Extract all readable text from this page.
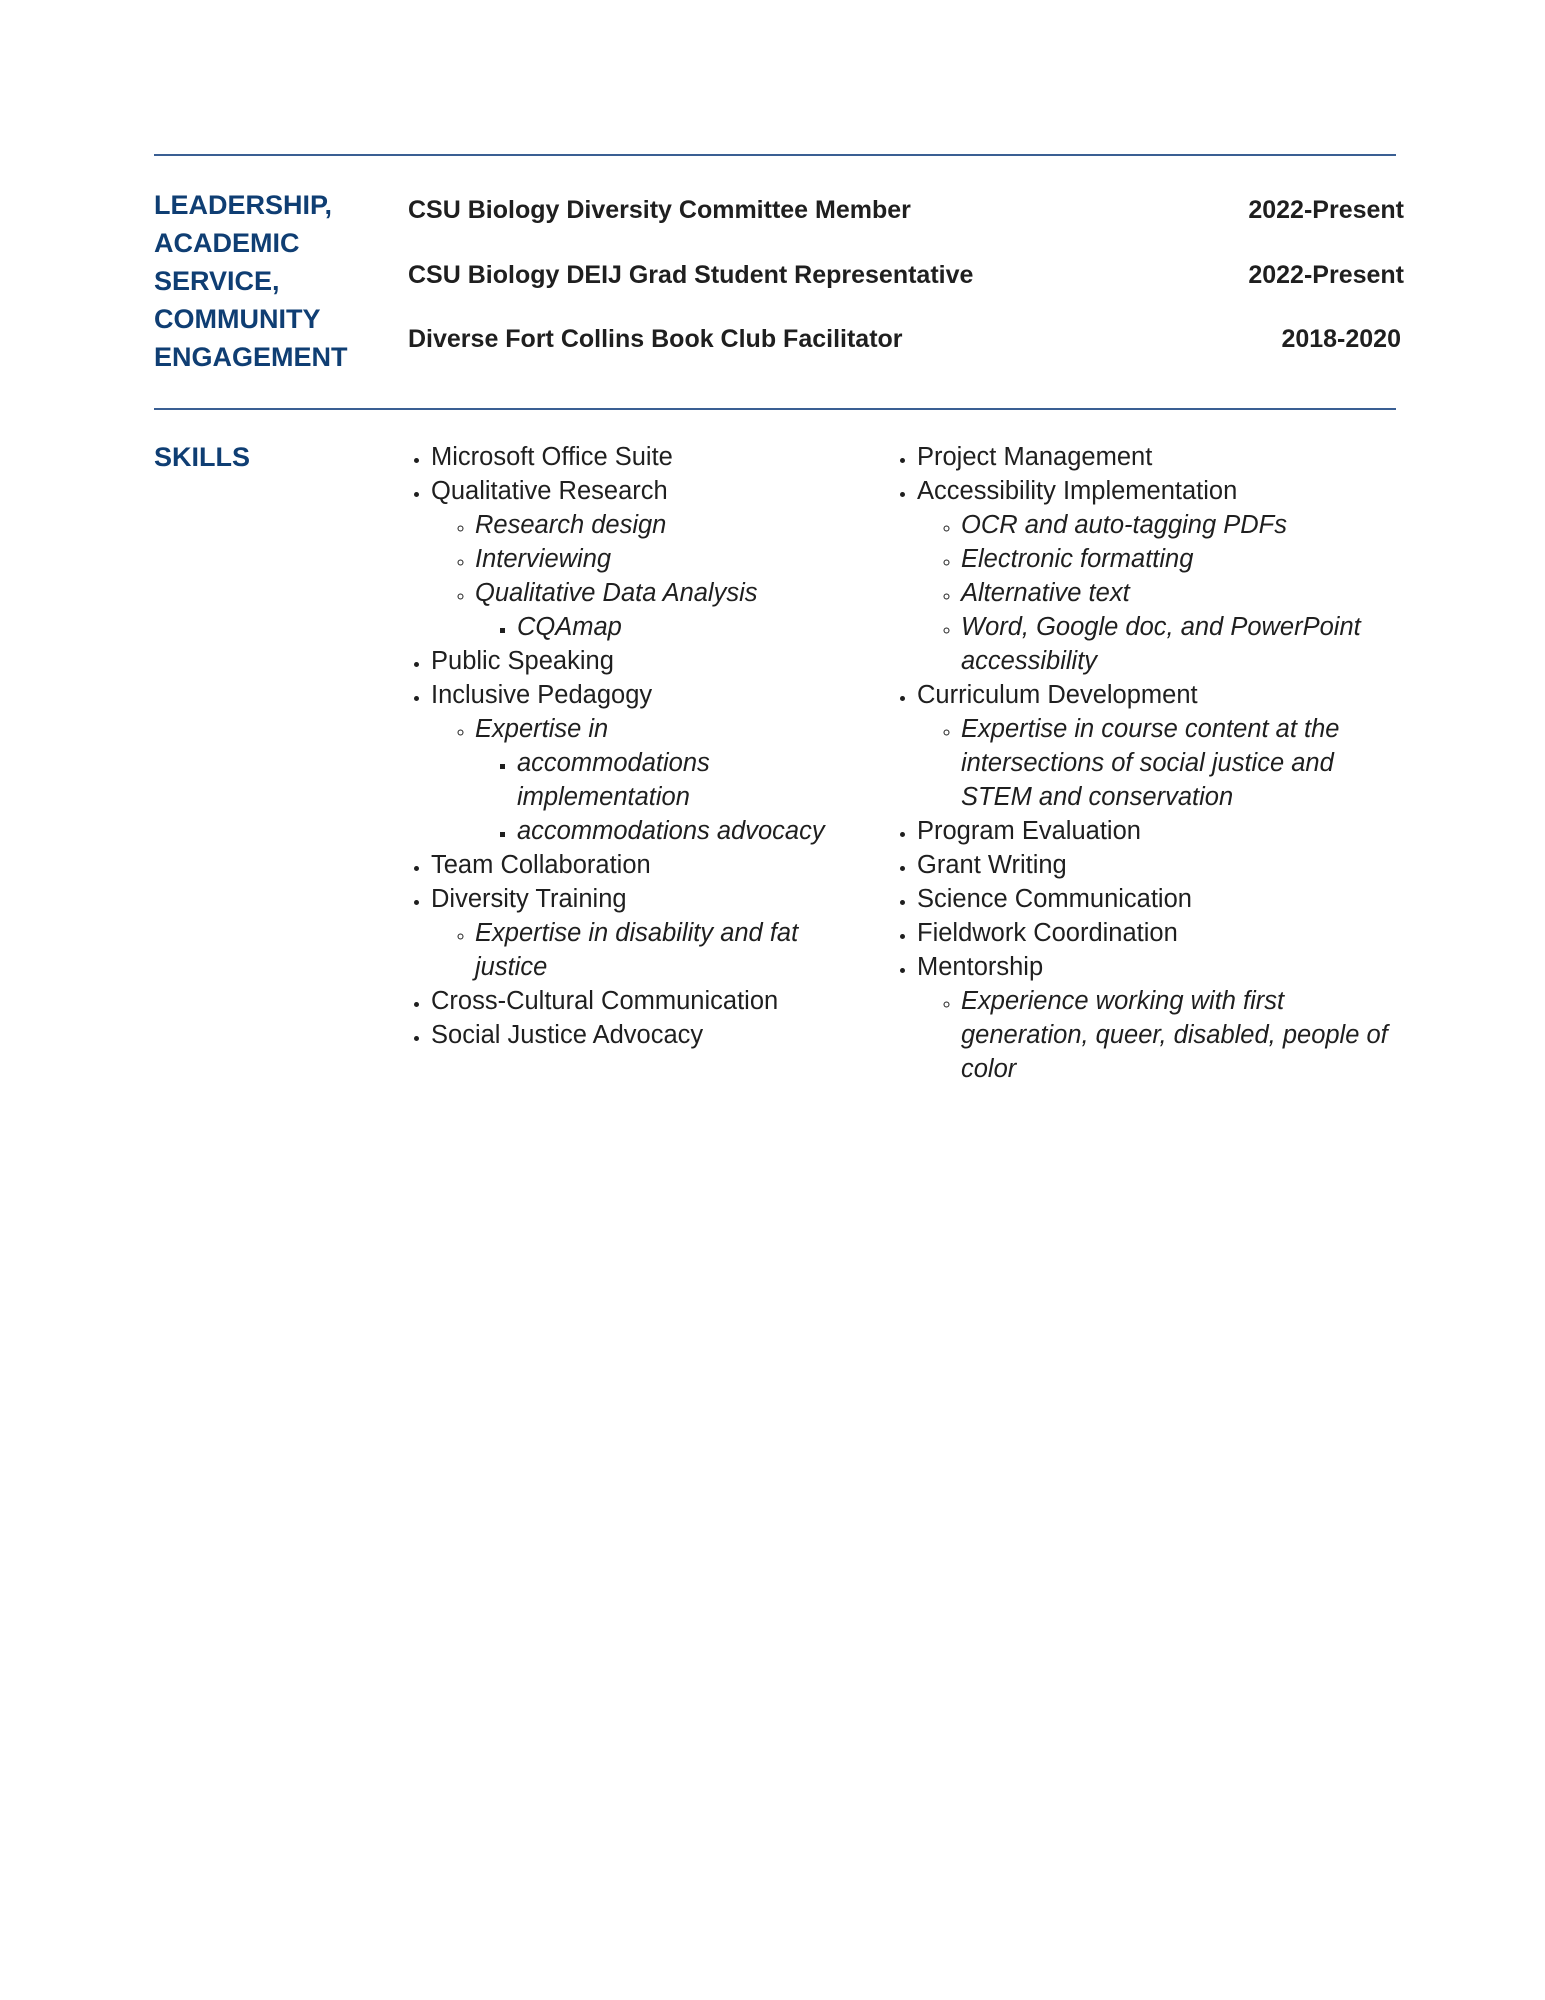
LEADERSHIP,
ACADEMIC
SERVICE,
COMMUNITY
ENGAGEMENT
CSU Biology Diversity Committee Member	2022-Present
CSU Biology DEIJ Grad Student Representative	2022-Present
Diverse Fort Collins Book Club Facilitator	2018-2020
SKILLS
•	Microsoft Office Suite
• Qualitative Research
◦ Research design
◦ Interviewing
◦ Qualitative Data Analysis
▪ CQAmap
• Public Speaking
• Inclusive Pedagogy
◦ Expertise in
▪ accommodations implementation
▪ accommodations advocacy
• Team Collaboration
• Diversity Training
◦ Expertise in disability and fat justice
• Cross-Cultural Communication
• Social Justice Advocacy
• Project Management
• Accessibility Implementation
◦ OCR and auto-tagging PDFs
◦ Electronic formatting
◦ Alternative text
◦ Word, Google doc, and PowerPoint accessibility
• Curriculum Development
◦ Expertise in course content at the intersections of social justice and STEM and conservation
• Program Evaluation
• Grant Writing
• Science Communication
• Fieldwork Coordination
• Mentorship
◦ Experience working with first generation, queer, disabled, people of color
